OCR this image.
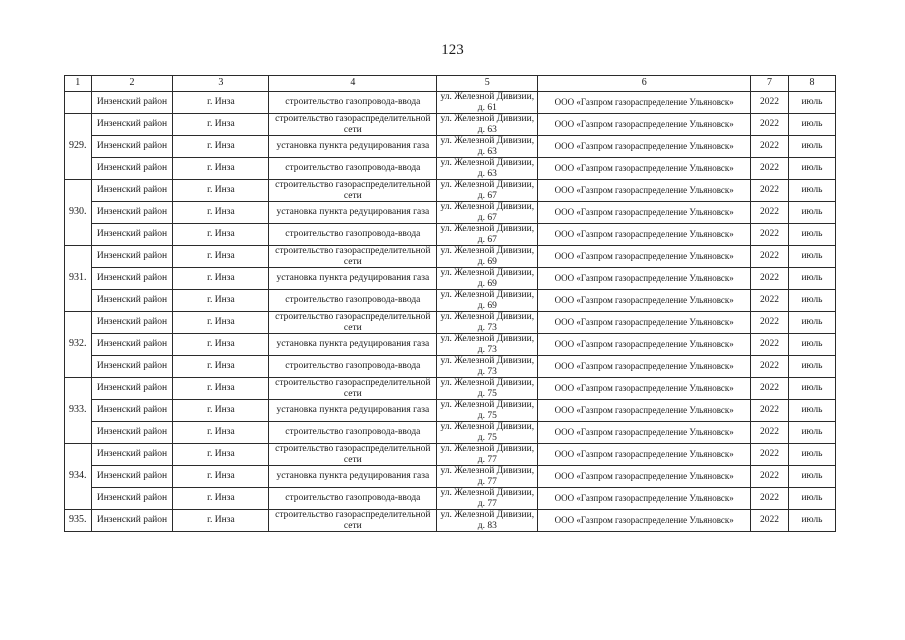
123
1	2	3	4	5	6	7	8
	Инзенский район	г. Инза	строительство газопровода-ввода	ул. Железной Дивизии, д. 61	ООО «Газпром газораспределение Ульяновск»	2022	июль
929.	Инзенский район	г. Инза	строительство газораспределительной сети	ул. Железной Дивизии, д. 63	ООО «Газпром газораспределение Ульяновск»	2022	июль
	Инзенский район	г. Инза	установка пункта редуцирования газа	ул. Железной Дивизии, д. 63	ООО «Газпром газораспределение Ульяновск»	2022	июль
	Инзенский район	г. Инза	строительство газопровода-ввода	ул. Железной Дивизии, д. 63	ООО «Газпром газораспределение Ульяновск»	2022	июль
930.	Инзенский район	г. Инза	строительство газораспределительной сети	ул. Железной Дивизии, д. 67	ООО «Газпром газораспределение Ульяновск»	2022	июль
	Инзенский район	г. Инза	установка пункта редуцирования газа	ул. Железной Дивизии, д. 67	ООО «Газпром газораспределение Ульяновск»	2022	июль
	Инзенский район	г. Инза	строительство газопровода-ввода	ул. Железной Дивизии, д. 67	ООО «Газпром газораспределение Ульяновск»	2022	июль
931.	Инзенский район	г. Инза	строительство газораспределительной сети	ул. Железной Дивизии, д. 69	ООО «Газпром газораспределение Ульяновск»	2022	июль
	Инзенский район	г. Инза	установка пункта редуцирования газа	ул. Железной Дивизии, д. 69	ООО «Газпром газораспределение Ульяновск»	2022	июль
	Инзенский район	г. Инза	строительство газопровода-ввода	ул. Железной Дивизии, д. 69	ООО «Газпром газораспределение Ульяновск»	2022	июль
932.	Инзенский район	г. Инза	строительство газораспределительной сети	ул. Железной Дивизии, д. 73	ООО «Газпром газораспределение Ульяновск»	2022	июль
	Инзенский район	г. Инза	установка пункта редуцирования газа	ул. Железной Дивизии, д. 73	ООО «Газпром газораспределение Ульяновск»	2022	июль
	Инзенский район	г. Инза	строительство газопровода-ввода	ул. Железной Дивизии, д. 73	ООО «Газпром газораспределение Ульяновск»	2022	июль
933.	Инзенский район	г. Инза	строительство газораспределительной сети	ул. Железной Дивизии, д. 75	ООО «Газпром газораспределение Ульяновск»	2022	июль
	Инзенский район	г. Инза	установка пункта редуцирования газа	ул. Железной Дивизии, д. 75	ООО «Газпром газораспределение Ульяновск»	2022	июль
	Инзенский район	г. Инза	строительство газопровода-ввода	ул. Железной Дивизии, д. 75	ООО «Газпром газораспределение Ульяновск»	2022	июль
934.	Инзенский район	г. Инза	строительство газораспределительной сети	ул. Железной Дивизии, д. 77	ООО «Газпром газораспределение Ульяновск»	2022	июль
	Инзенский район	г. Инза	установка пункта редуцирования газа	ул. Железной Дивизии, д. 77	ООО «Газпром газораспределение Ульяновск»	2022	июль
	Инзенский район	г. Инза	строительство газопровода-ввода	ул. Железной Дивизии, д. 77	ООО «Газпром газораспределение Ульяновск»	2022	июль
935.	Инзенский район	г. Инза	строительство газораспределительной сети	ул. Железной Дивизии, д. 83	ООО «Газпром газораспределение Ульяновск»	2022	июль
